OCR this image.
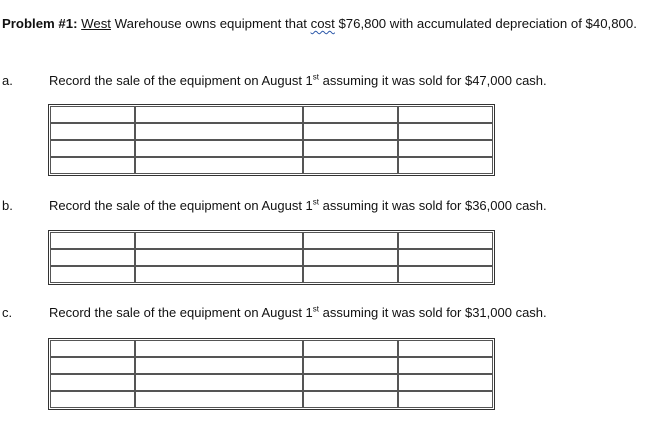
Problem #1: West Warehouse owns equipment that cost $76,800 with accumulated depreciation of $40,800.
a.	Record the sale of the equipment on August 1st assuming it was sold for $47,000 cash.

b.	Record the sale of the equipment on August 1st assuming it was sold for $36,000 cash.

c.	Record the sale of the equipment on August 1st assuming it was sold for $31,000 cash.
